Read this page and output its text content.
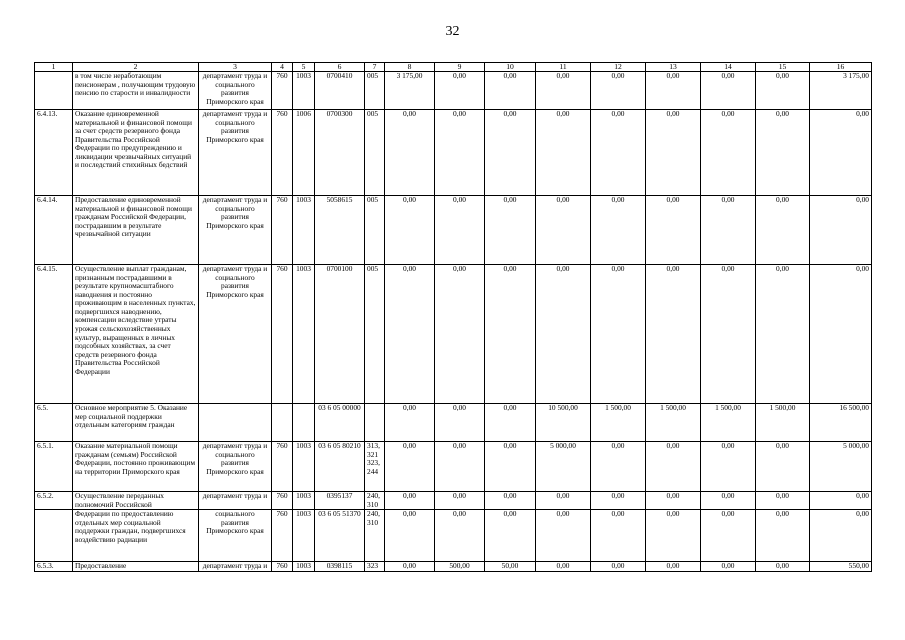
32
1	2	3	4	5	6	7	8	9	10	11	12	13	14	15	16
	в том числе неработающим пенсионерам , получающим трудовую пенсию по старости и инвалидности	департамент труда и социального развития Приморского края	760	1003	0700410	005	3 175,00	0,00	0,00	0,00	0,00	0,00	0,00	0,00	3 175,00
6.4.13.	Оказание единовременной материальной и финансовой помощи за счет средств резервного фонда Правительства Российской Федерации по предупреждению и ликвидации чрезвычайных ситуаций и последствий стихийных бедствий	департамент труда и социального развития Приморского края	760	1006	0700300	005	0,00	0,00	0,00	0,00	0,00	0,00	0,00	0,00	0,00
6.4.14.	Предоставление единовременной материальной и финансовой помощи гражданам Российской Федерации, пострадавшим в результате чрезвычайной ситуации	департамент труда и социального развития Приморского края	760	1003	5058615	005	0,00	0,00	0,00	0,00	0,00	0,00	0,00	0,00	0,00
6.4.15.	Осуществление выплат гражданам, признанным пострадавшими в результате крупномасштабного наводнения и постоянно проживающим в населенных пунктах, подвергшихся наводнению, компенсации вследствие утраты урожая сельскохозяйственных культур, выращенных в личных подсобных хозяйствах, за счет средств резервного фонда Правительства Российской Федерации	департамент труда и социального развития Приморского края	760	1003	0700100	005	0,00	0,00	0,00	0,00	0,00	0,00	0,00	0,00	0,00
6.5.	Основное мероприятие 5. Оказание мер социальной поддержки отдельным категориям граждан				03 6 05 00000		0,00	0,00	0,00	10 500,00	1 500,00	1 500,00	1 500,00	1 500,00	16 500,00
6.5.1.	Оказание материальной помощи гражданам (семьям) Российской Федерации, постоянно проживающим на территории Приморского края	департамент труда и социального развития Приморского края	760	1003	03 6 05 80210	313, 321 323, 244	0,00	0,00	0,00	5 000,00	0,00	0,00	0,00	0,00	5 000,00
6.5.2.	Осуществление переданных полномочий Российской	департамент труда и	760	1003	0395137	240, 310	0,00	0,00	0,00	0,00	0,00	0,00	0,00	0,00	0,00
	Федерации по предоставлению отдельных мер социальной поддержки граждан, подвергшихся воздействию радиации	социального развития Приморского края	760	1003	03 6 05 51370	240, 310	0,00	0,00	0,00	0,00	0,00	0,00	0,00	0,00	0,00
6.5.3.	Предоставление	департамент труда и	760	1003	0398115	323	0,00	500,00	50,00	0,00	0,00	0,00	0,00	0,00	550,00
